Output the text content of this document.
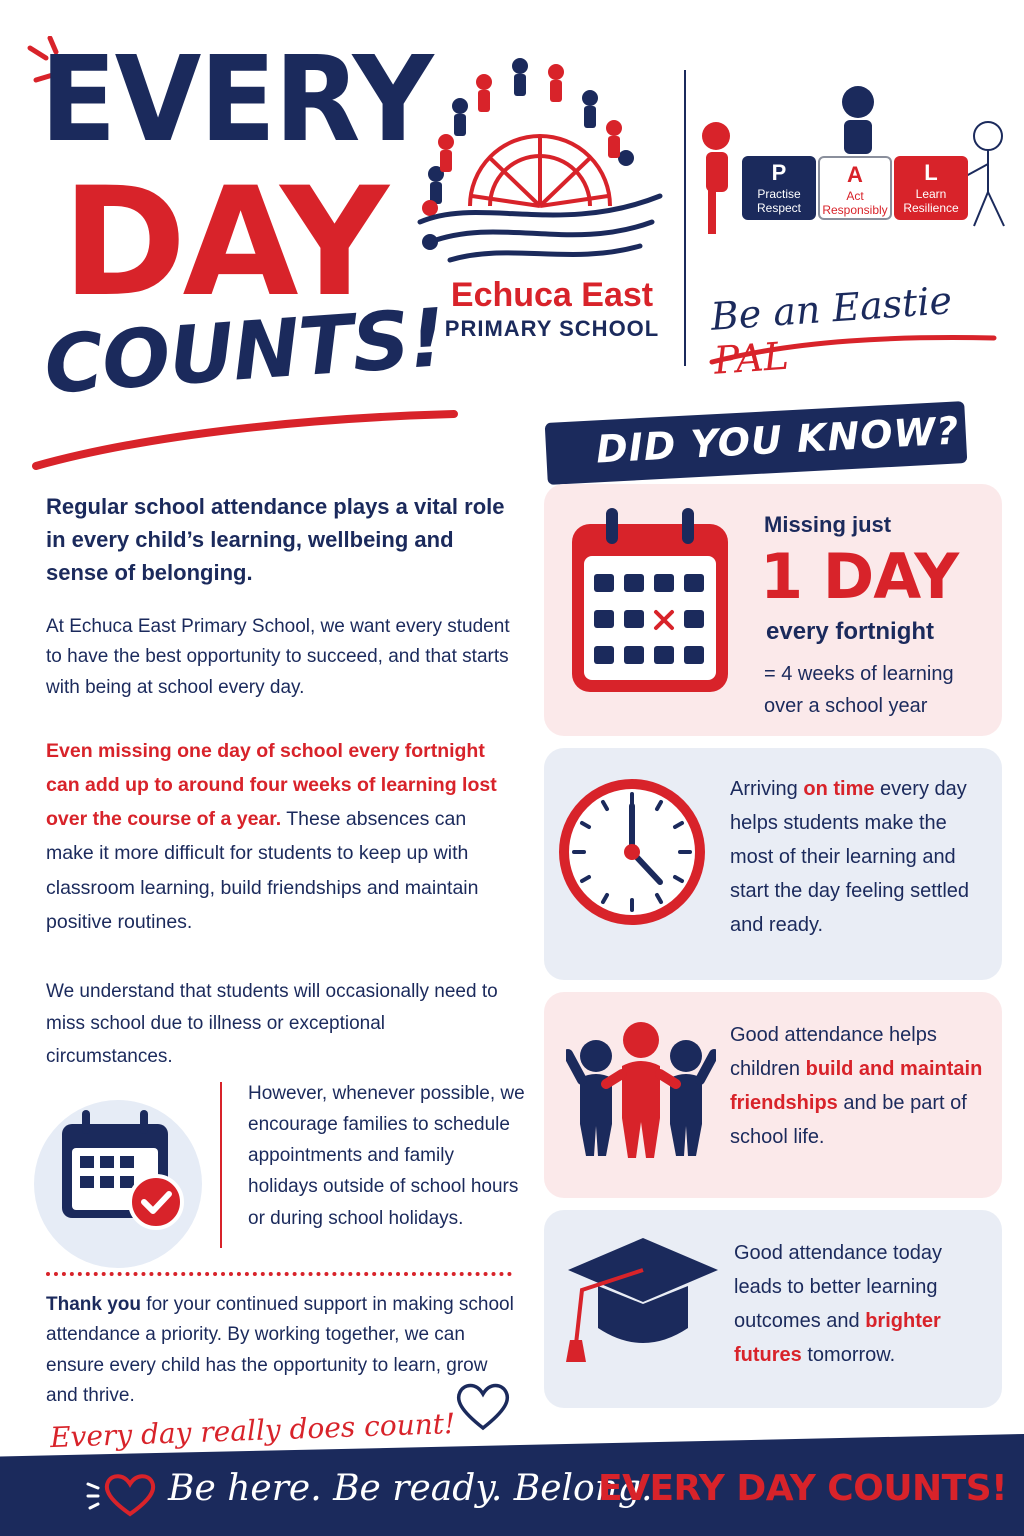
EVERY
DAY
COUNTS! Echuca East
PRIMARY SCHOOL
P
Practise Respect
A
Act Responsibly
L
Learn Resilience
Be an Eastie PAL
DID YOU KNOW?
Regular school attendance plays a vital role in every child’s learning, wellbeing and sense of belonging.
At Echuca East Primary School, we want every student to have the best opportunity to succeed, and that starts with being at school every day.
Even missing one day of school every fortnight can add up to around four weeks of learning lost over the course of a year. These absences can make it more difficult for students to keep up with classroom learning, build friendships and maintain positive routines.
We understand that students will occasionally need to miss school due to illness or exceptional circumstances.
However, whenever possible, we encourage families to schedule appointments and family holidays outside of school hours or during school holidays.
Thank you for your continued support in making school attendance a priority. By working together, we can ensure every child has the opportunity to learn, grow and thrive.
Every day really does count!
Missing just
1 DAY
every fortnight
= 4 weeks of learning over a school year
Arriving on time every day helps students make the most of their learning and start the day feeling settled and ready.
Good attendance helps children build and maintain friendships and be part of school life.
Good attendance today leads to better learning outcomes and brighter futures tomorrow.
Be here. Be ready. Belong.
EVERY DAY COUNTS!
